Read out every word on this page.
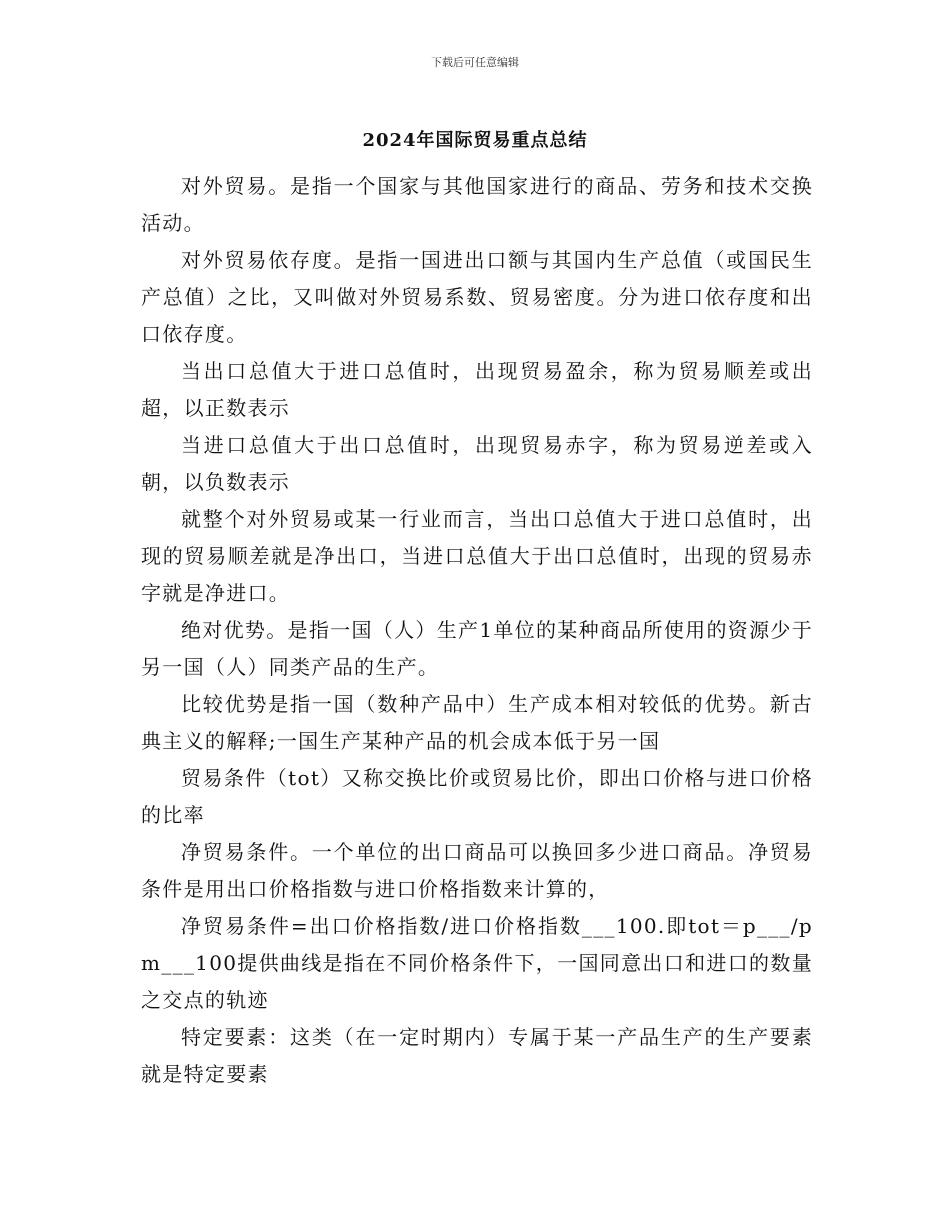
下载后可任意编辑
2024年国际贸易重点总结

对外贸易。是指一个国家与其他国家进行的商品、劳务和技术交换活动。

对外贸易依存度。是指一国进出口额与其国内生产总值（或国民生产总值）之比，又叫做对外贸易系数、贸易密度。分为进口依存度和出口依存度。

当出口总值大于进口总值时，出现贸易盈余，称为贸易顺差或出超，以正数表示

当进口总值大于出口总值时，出现贸易赤字，称为贸易逆差或入朝，以负数表示

就整个对外贸易或某一行业而言，当出口总值大于进口总值时，出现的贸易顺差就是净出口，当进口总值大于出口总值时，出现的贸易赤字就是净进口。

绝对优势。是指一国（人）生产1单位的某种商品所使用的资源少于另一国（人）同类产品的生产。

比较优势是指一国（数种产品中）生产成本相对较低的优势。新古典主义的解释;一国生产某种产品的机会成本低于另一国

贸易条件（tot）又称交换比价或贸易比价，即出口价格与进口价格的比率

净贸易条件。一个单位的出口商品可以换回多少进口商品。净贸易条件是用出口价格指数与进口价格指数来计算的，

净贸易条件=出口价格指数/进口价格指数___100.即tot＝p___/pm___100提供曲线是指在不同价格条件下，一国同意出口和进口的数量之交点的轨迹

特定要素：这类（在一定时期内）专属于某一产品生产的生产要素就是特定要素
